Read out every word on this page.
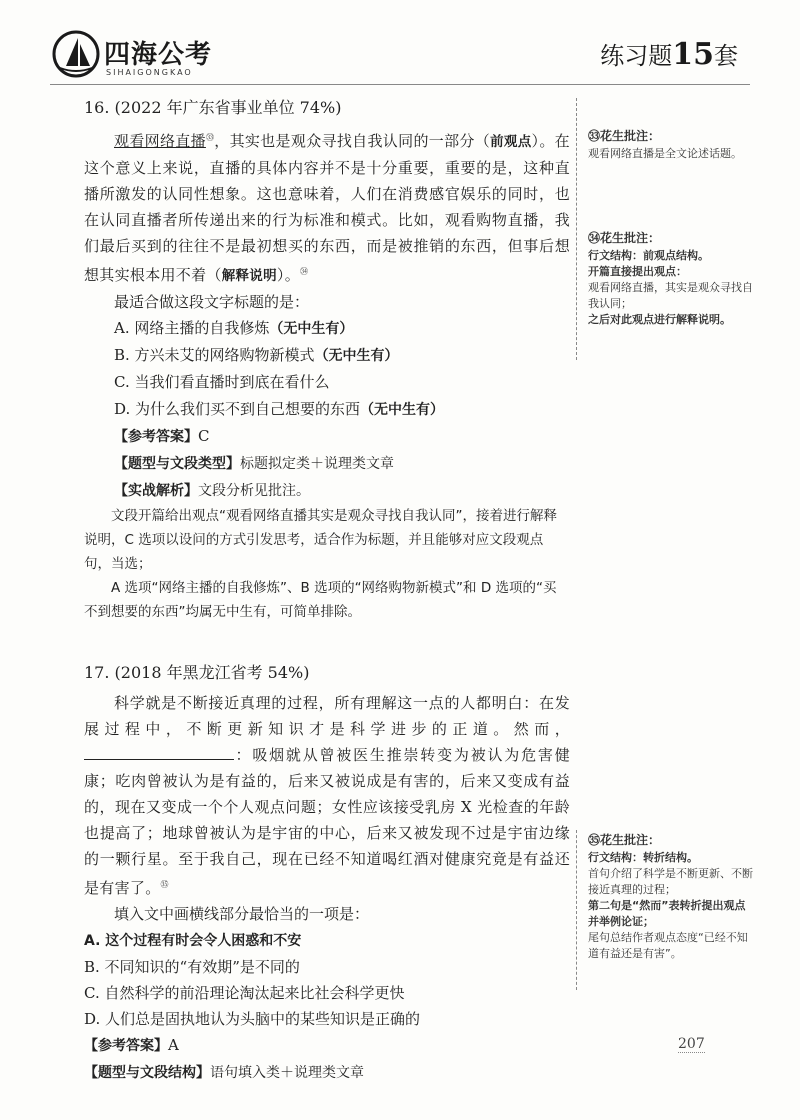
四海公考
SIHAIGONGKAO
练习题15套

16. (2022 年广东省事业单位 74%)

观看网络直播$^㉝$，其实也是观众寻找自我认同的一部分（前观点）。在这个意义上来说，直播的具体内容并不是十分重要，重要的是，这种直播所激发的认同性想象。这也意味着，人们在消费感官娱乐的同时，也在认同直播者所传递出来的行为标准和模式。比如，观看购物直播，我们最后买到的往往不是最初想买的东西，而是被推销的东西，但事后想想其实根本用不着（解释说明）。$^㉞$

最适合做这段文字标题的是：

A. 网络主播的自我修炼（无中生有）

B. 方兴未艾的网络购物新模式（无中生有）

C. 当我们看直播时到底在看什么

D. 为什么我们买不到自己想要的东西（无中生有）

【参考答案】C

【题型与文段类型】标题拟定类＋说理类文章

【实战解析】文段分析见批注。

文段开篇给出观点“观看网络直播其实是观众寻找自我认同”，接着进行解释说明，C 选项以设问的方式引发思考，适合作为标题，并且能够对应文段观点句，当选；

A 选项“网络主播的自我修炼”、B 选项的“网络购物新模式”和 D 选项的“买不到想要的东西”均属无中生有，可简单排除。

17. (2018 年黑龙江省考 54%)

科学就是不断接近真理的过程，所有理解这一点的人都明白：在发展过程中，不断更新知识才是科学进步的正道。然而，：吸烟就从曾被医生推崇转变为被认为危害健康；吃肉曾被认为是有益的，后来又被说成是有害的，后来又变成有益的，现在又变成一个个人观点问题；女性应该接受乳房 X 光检查的年龄也提高了；地球曾被认为是宇宙的中心，后来又被发现不过是宇宙边缘的一颗行星。至于我自己，现在已经不知道喝红酒对健康究竟是有益还是有害了。$^㉟$

填入文中画横线部分最恰当的一项是：

A. 这个过程有时会令人困惑和不安

B. 不同知识的“有效期”是不同的

C. 自然科学的前沿理论淘汰起来比社会科学更快

D. 人们总是固执地认为头脑中的某些知识是正确的

【参考答案】A

【题型与文段结构】语句填入类＋说理类文章

㉝花生批注：

观看网络直播是全文论述话题。

㉞花生批注：

行文结构：前观点结构。

开篇直接提出观点：

观看网络直播，其实是观众寻找自我认同；

之后对此观点进行解释说明。

㉟花生批注：

行文结构：转折结构。

首句介绍了科学是不断更新、不断接近真理的过程；

第二句是“然而”表转折提出观点并举例论证；

尾句总结作者观点态度“已经不知道有益还是有害”。

207
